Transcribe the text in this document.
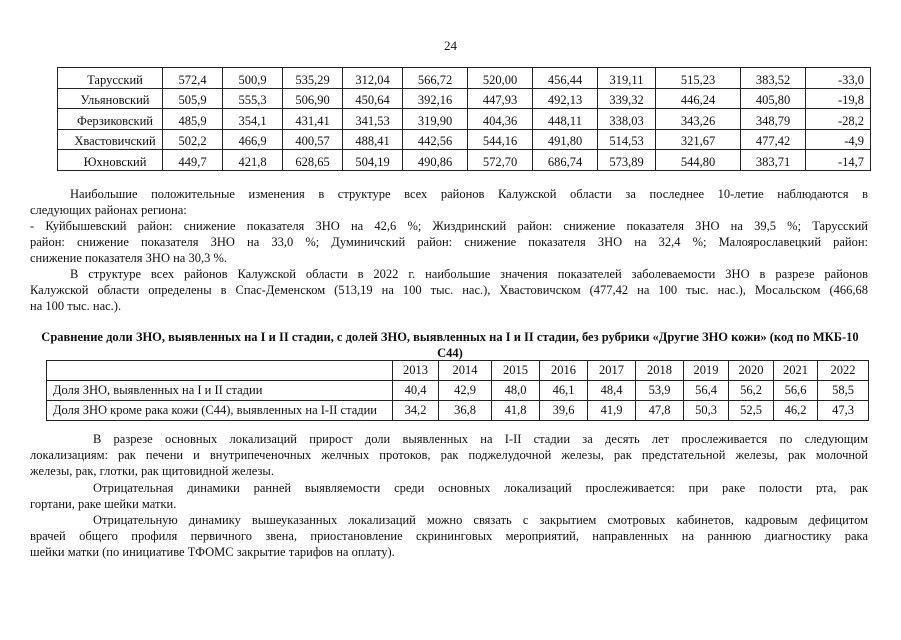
24
Тарусский	572,4	500,9	535,29	312,04	566,72	520,00	456,44	319,11	515,23	383,52	-33,0
Ульяновский	505,9	555,3	506,90	450,64	392,16	447,93	492,13	339,32	446,24	405,80	-19,8
Ферзиковский	485,9	354,1	431,41	341,53	319,90	404,36	448,11	338,03	343,26	348,79	-28,2
Хвастовичский	502,2	466,9	400,57	488,41	442,56	544,16	491,80	514,53	321,67	477,42	-4,9
Юхновский	449,7	421,8	628,65	504,19	490,86	572,70	686,74	573,89	544,80	383,71	-14,7
Наибольшие положительные изменения в структуре всех районов Калужской области за последнее 10-летие наблюдаются в
следующих районах региона:
- Куйбышевский район: снижение показателя ЗНО на 42,6 %; Жиздринский район: снижение показателя ЗНО на 39,5 %; Тарусский
район: снижение показателя ЗНО на 33,0 %; Думиничский район: снижение показателя ЗНО на 32,4 %; Малоярославецкий район:
снижение показателя ЗНО на 30,3 %.
В структуре всех районов Калужской области в 2022 г. наибольшие значения показателей заболеваемости ЗНО в разрезе районов
Калужской области определены в Спас-Деменском (513,19 на 100 тыс. нас.), Хвастовичском (477,42 на 100 тыс. нас.), Мосальском (466,68
на 100 тыс. нас.).
Сравнение доли ЗНО, выявленных на I и II стадии, с долей ЗНО, выявленных на I и II стадии, без рубрики «Другие ЗНО кожи» (код по МКБ-10 С44)
	2013	2014	2015	2016	2017	2018	2019	2020	2021	2022
Доля ЗНО, выявленных на I и II стадии	40,4	42,9	48,0	46,1	48,4	53,9	56,4	56,2	56,6	58,5
Доля ЗНО кроме рака кожи (С44), выявленных на I-II стадии	34,2	36,8	41,8	39,6	41,9	47,8	50,3	52,5	46,2	47,3
В разрезе основных локализаций прирост доли выявленных на I-II стадии за десять лет прослеживается по следующим
локализациям: рак печени и внутрипеченочных желчных протоков, рак поджелудочной железы, рак предстательной железы, рак молочной
железы, рак, глотки, рак щитовидной железы.
Отрицательная динамики ранней выявляемости среди основных локализаций прослеживается: при раке полости рта, рак
гортани, раке шейки матки.
Отрицательную динамику вышеуказанных локализаций можно связать с закрытием смотровых кабинетов, кадровым дефицитом
врачей общего профиля первичного звена, приостановление скрининговых мероприятий, направленных на раннюю диагностику рака
шейки матки (по инициативе ТФОМС закрытие тарифов на оплату).
